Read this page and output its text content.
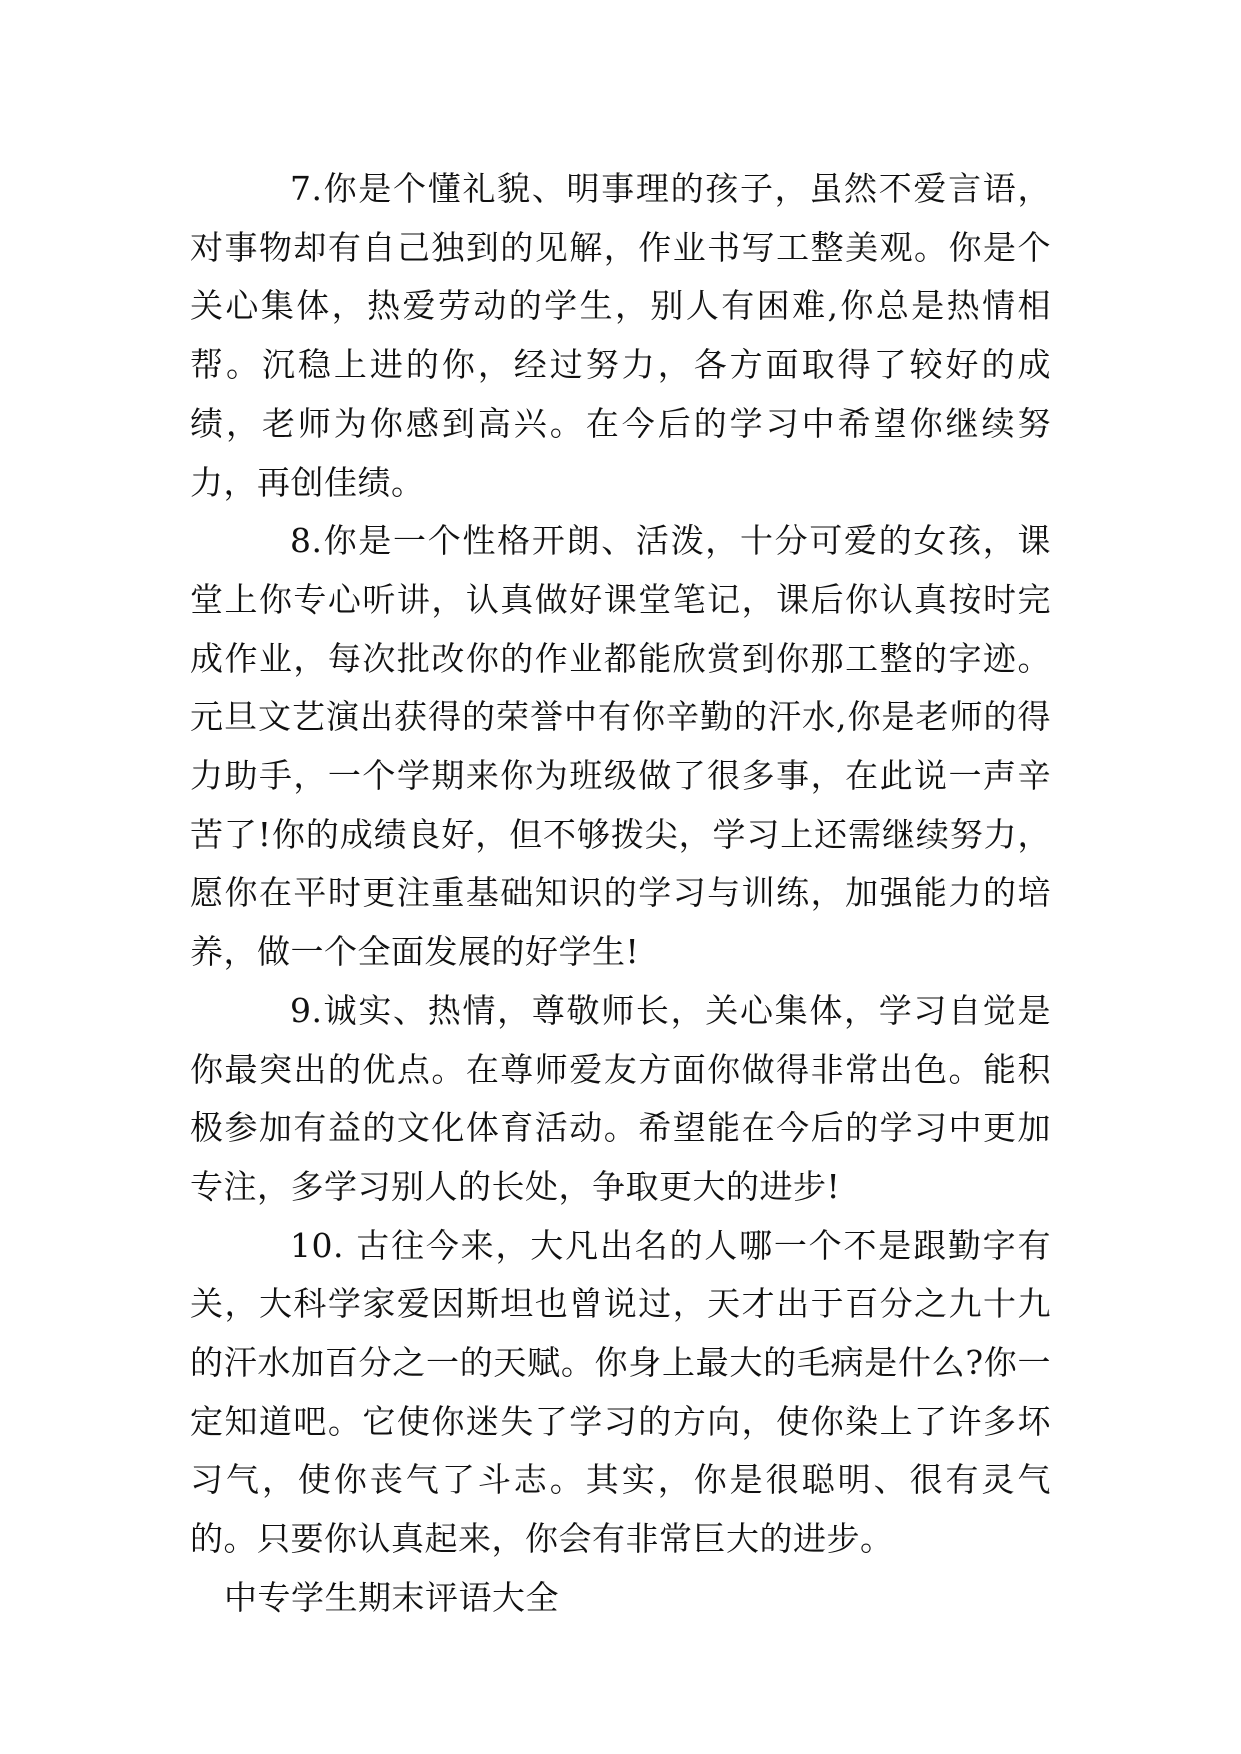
7.你是个懂礼貌、明事理的孩子，虽然不爱言语，对事物却有自己独到的见解，作业书写工整美观。你是个关心集体，热爱劳动的学生，别人有困难,你总是热情相帮。沉稳上进的你，经过努力，各方面取得了较好的成绩，老师为你感到高兴。在今后的学习中希望你继续努力，再创佳绩。

8.你是一个性格开朗、活泼，十分可爱的女孩，课堂上你专心听讲，认真做好课堂笔记，课后你认真按时完成作业，每次批改你的作业都能欣赏到你那工整的字迹。元旦文艺演出获得的荣誉中有你辛勤的汗水,你是老师的得力助手，一个学期来你为班级做了很多事，在此说一声辛苦了!你的成绩良好，但不够拨尖，学习上还需继续努力，愿你在平时更注重基础知识的学习与训练，加强能力的培养，做一个全面发展的好学生!

9.诚实、热情，尊敬师长，关心集体，学习自觉是你最突出的优点。在尊师爱友方面你做得非常出色。能积极参加有益的文化体育活动。希望能在今后的学习中更加专注，多学习别人的长处，争取更大的进步!

10. 古往今来，大凡出名的人哪一个不是跟勤字有关，大科学家爱因斯坦也曾说过，天才出于百分之九十九的汗水加百分之一的天赋。你身上最大的毛病是什么?你一定知道吧。它使你迷失了学习的方向，使你染上了许多坏习气，使你丧气了斗志。其实，你是很聪明、很有灵气的。只要你认真起来，你会有非常巨大的进步。

中专学生期末评语大全
